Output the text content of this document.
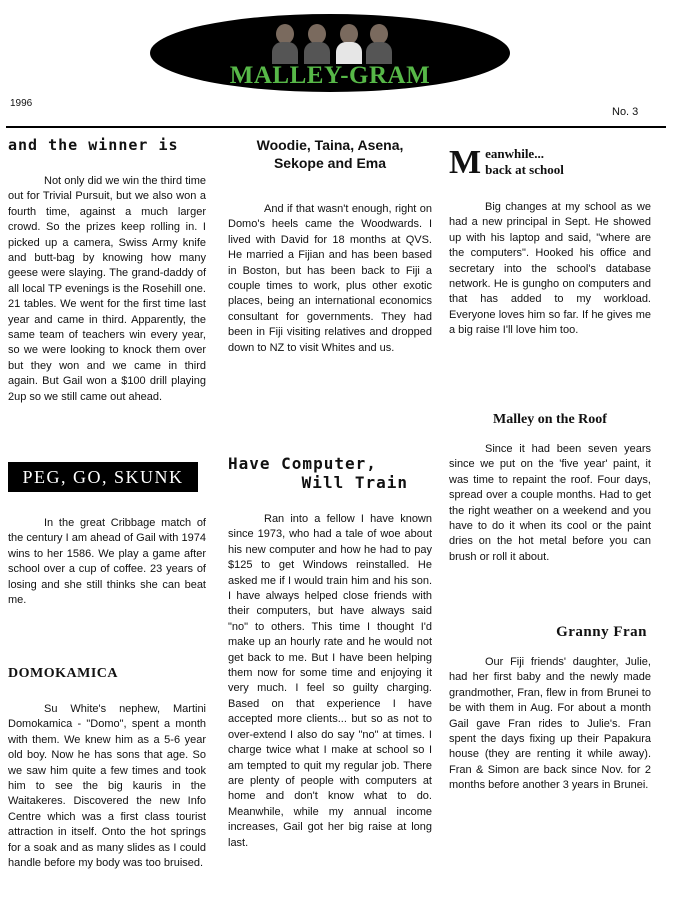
MALLEY-GRAM
1996
No. 3
and the winner is

Not only did we win the third time out for Trivial Pursuit, but we also won a fourth time, against a much larger crowd. So the prizes keep rolling in. I picked up a camera, Swiss Army knife and butt-bag by knowing how many geese were slaying. The grand-daddy of all local TP evenings is the Rosehill one. 21 tables. We went for the first time last year and came in third. Apparently, the same team of teachers win every year, so we were looking to knock them over but they won and we came in third again. But Gail won a $100 drill playing 2up so we still came out ahead.

PEG, GO, SKUNK

In the great Cribbage match of the century I am ahead of Gail with 1974 wins to her 1586. We play a game after school over a cup of coffee. 23 years of losing and she still thinks she can beat me.

DOMOKAMICA

Su White's nephew, Martini Domokamica - "Domo", spent a month with them. We knew him as a 5-6 year old boy. Now he has sons that age. So we saw him quite a few times and took him to see the big kauris in the Waitakeres. Discovered the new Info Centre which was a first class tourist attraction in itself. Onto the hot springs for a soak and as many slides as I could handle before my body was too bruised.

Woodie, Taina, Asena,
Sekope and Ema

And if that wasn't enough, right on Domo's heels came the Woodwards. I lived with David for 18 months at QVS. He married a Fijian and has been based in Boston, but has been back to Fiji a couple times to work, plus other exotic places, being an international economics consultant for governments. They had been in Fiji visiting relatives and dropped down to NZ to visit Whites and us.

Have Computer,
Will Train

Ran into a fellow I have known since 1973, who had a tale of woe about his new computer and how he had to pay $125 to get Windows reinstalled. He asked me if I would train him and his son. I have always helped close friends with their computers, but have always said "no" to others. This time I thought I'd make up an hourly rate and he would not get back to me. But I have been helping them now for some time and enjoying it very much. I feel so guilty charging. Based on that experience I have accepted more clients... but so as not to over-extend I also do say "no" at times. I charge twice what I make at school so I am tempted to quit my regular job. There are plenty of people with computers at home and don't know what to do. Meanwhile, while my annual income increases, Gail got her big raise at long last.

M eanwhile...
back at school

Big changes at my school as we had a new principal in Sept. He showed up with his laptop and said, "where are the computers". Hooked his office and secretary into the school's database network. He is gungho on computers and that has added to my workload. Everyone loves him so far. If he gives me a big raise I'll love him too.

Malley on the Roof

Since it had been seven years since we put on the 'five year' paint, it was time to repaint the roof. Four days, spread over a couple months. Had to get the right weather on a weekend and you have to do it when its cool or the paint dries on the hot metal before you can brush or roll it about.

Granny Fran

Our Fiji friends' daughter, Julie, had her first baby and the newly made grandmother, Fran, flew in from Brunei to be with them in Aug. For about a month Gail gave Fran rides to Julie's. Fran spent the days fixing up their Papakura house (they are renting it while away). Fran & Simon are back since Nov. for 2 months before another 3 years in Brunei.
